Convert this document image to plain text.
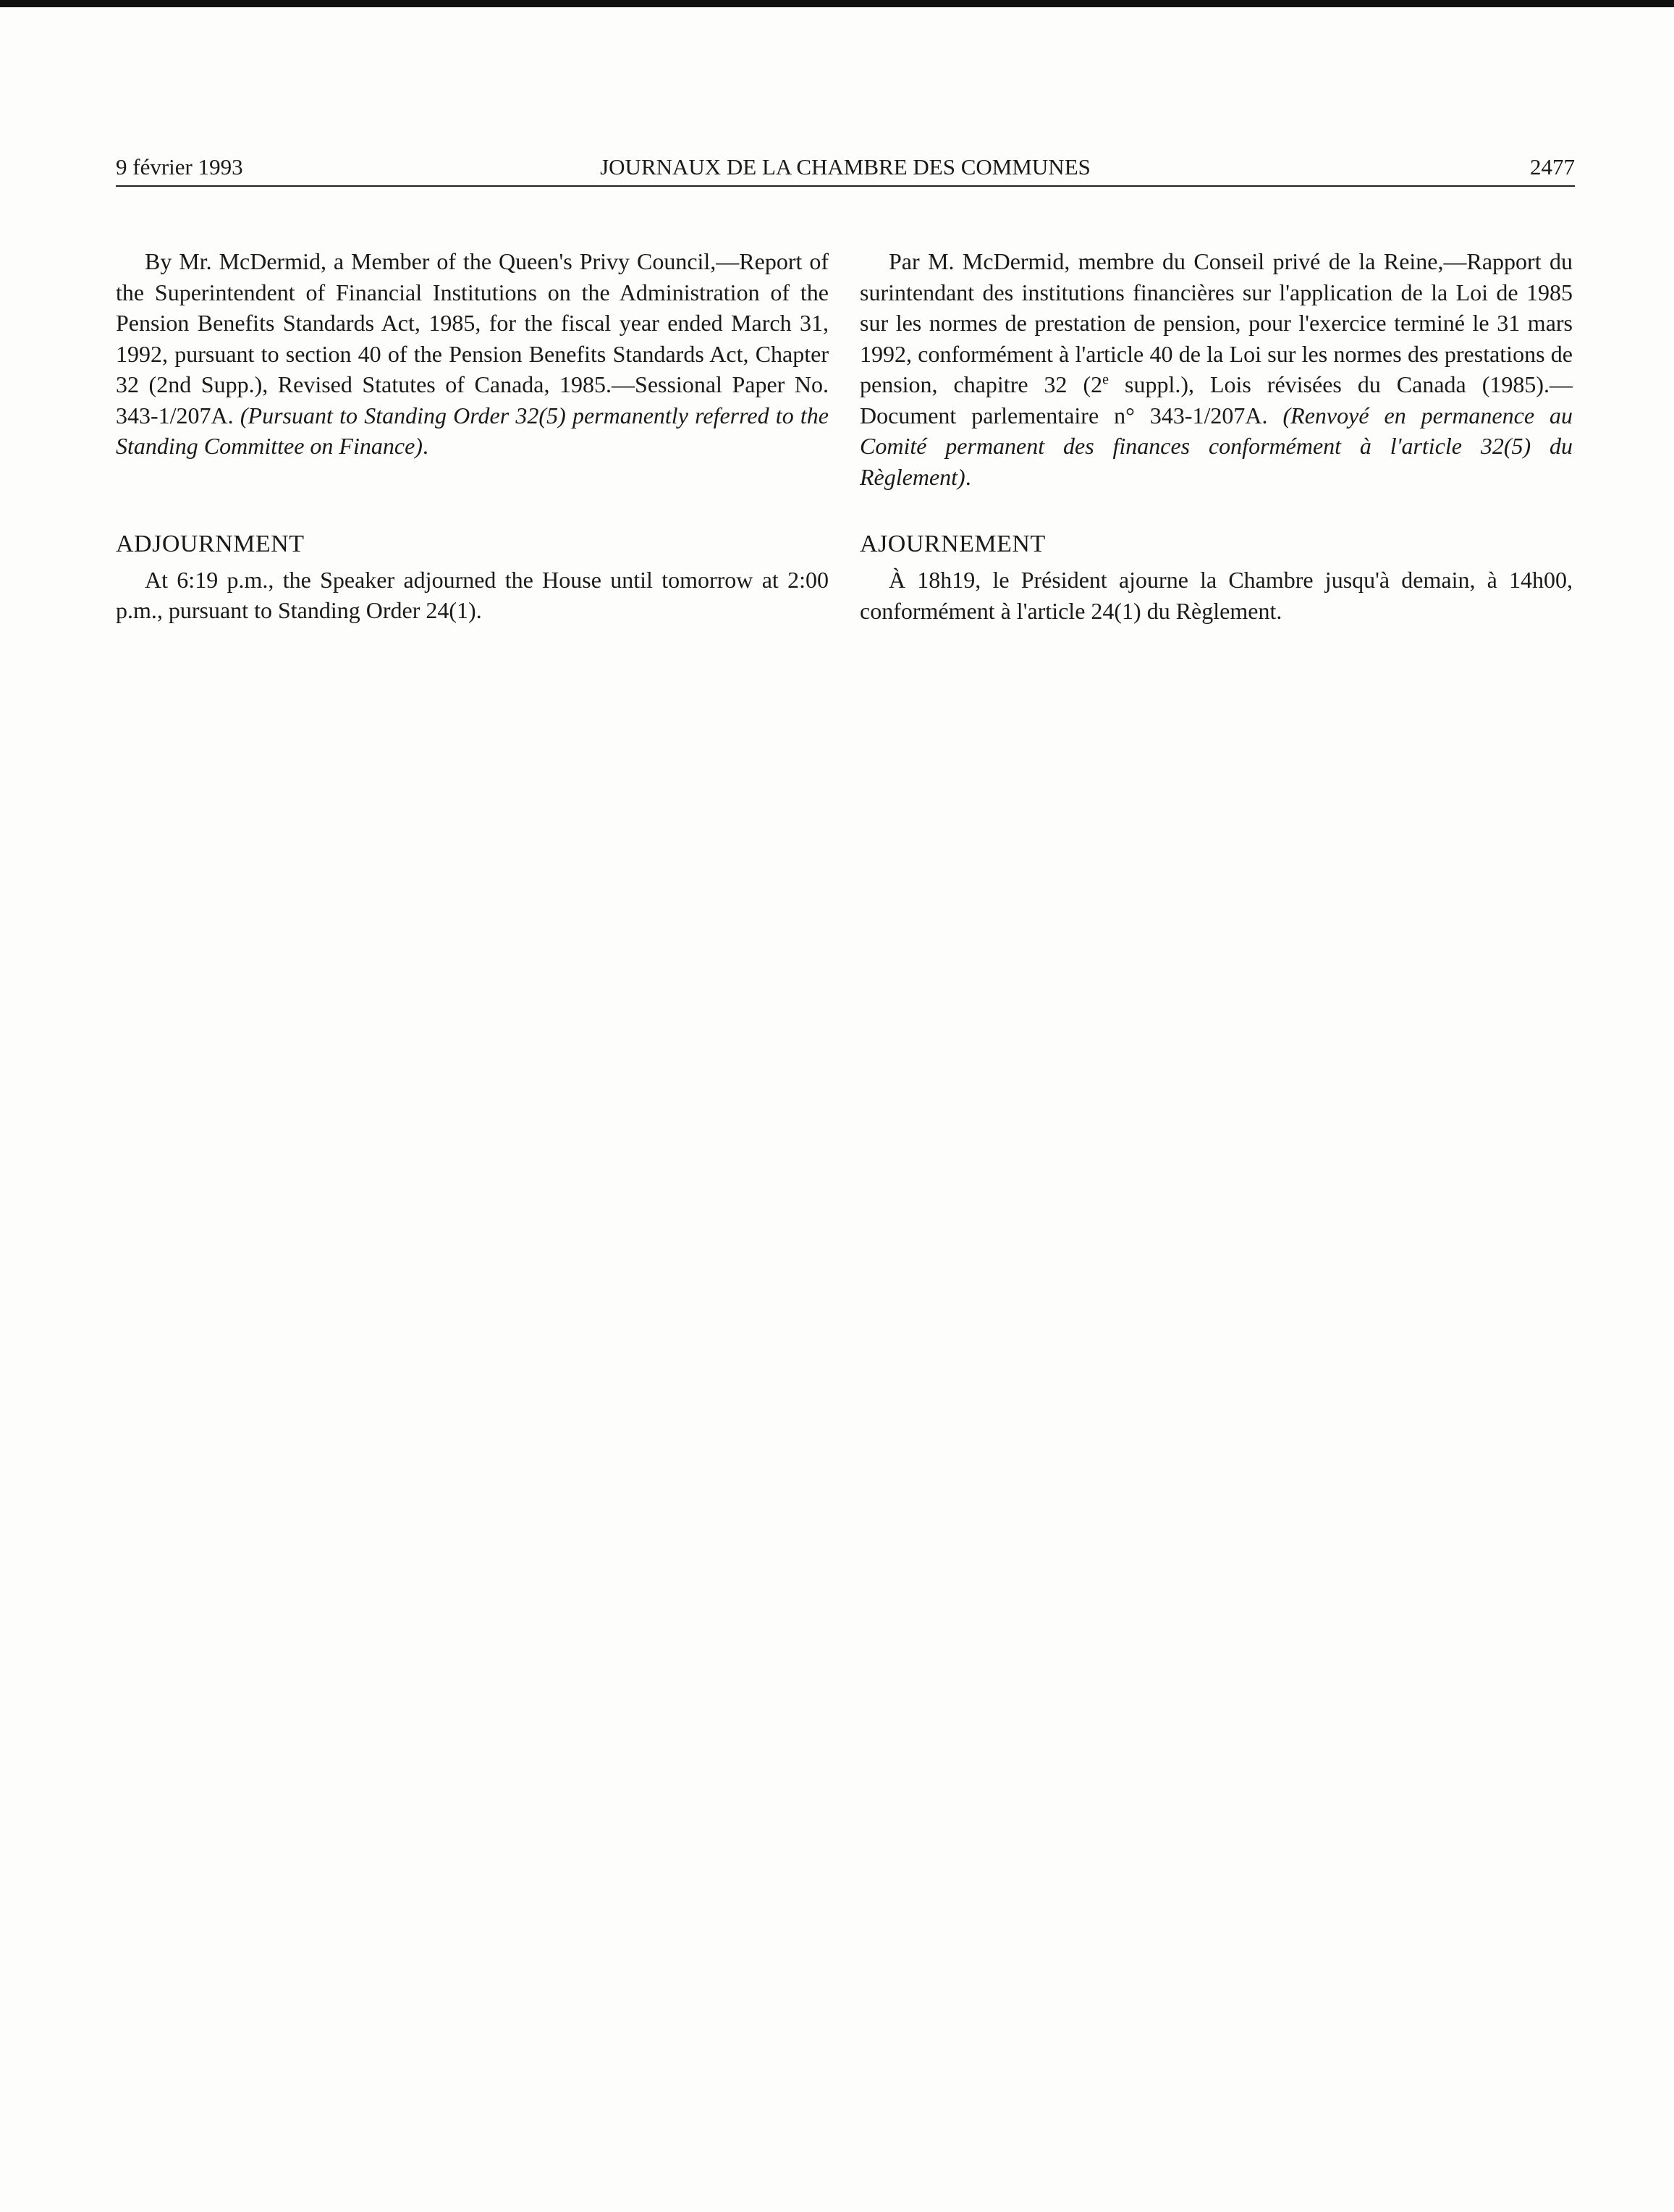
9 février 1993	JOURNAUX DE LA CHAMBRE DES COMMUNES	2477

By Mr. McDermid, a Member of the Queen's Privy Council,—Report of the Superintendent of Financial Institutions on the Administration of the Pension Benefits Standards Act, 1985, for the fiscal year ended March 31, 1992, pursuant to section 40 of the Pension Benefits Standards Act, Chapter 32 (2nd Supp.), Revised Statutes of Canada, 1985.—Sessional Paper No. 343-1/207A. (Pursuant to Standing Order 32(5) permanently referred to the Standing Committee on Finance).

ADJOURNMENT

At 6:19 p.m., the Speaker adjourned the House until tomorrow at 2:00 p.m., pursuant to Standing Order 24(1).

Par M. McDermid, membre du Conseil privé de la Reine,—Rapport du surintendant des institutions financières sur l'application de la Loi de 1985 sur les normes de prestation de pension, pour l'exercice terminé le 31 mars 1992, conformément à l'article 40 de la Loi sur les normes des prestations de pension, chapitre 32 (2e suppl.), Lois révisées du Canada (1985).—Document parlementaire n° 343-1/207A. (Renvoyé en permanence au Comité permanent des finances conformément à l'article 32(5) du Règlement).

AJOURNEMENT

À 18h19, le Président ajourne la Chambre jusqu'à demain, à 14h00, conformément à l'article 24(1) du Règlement.
